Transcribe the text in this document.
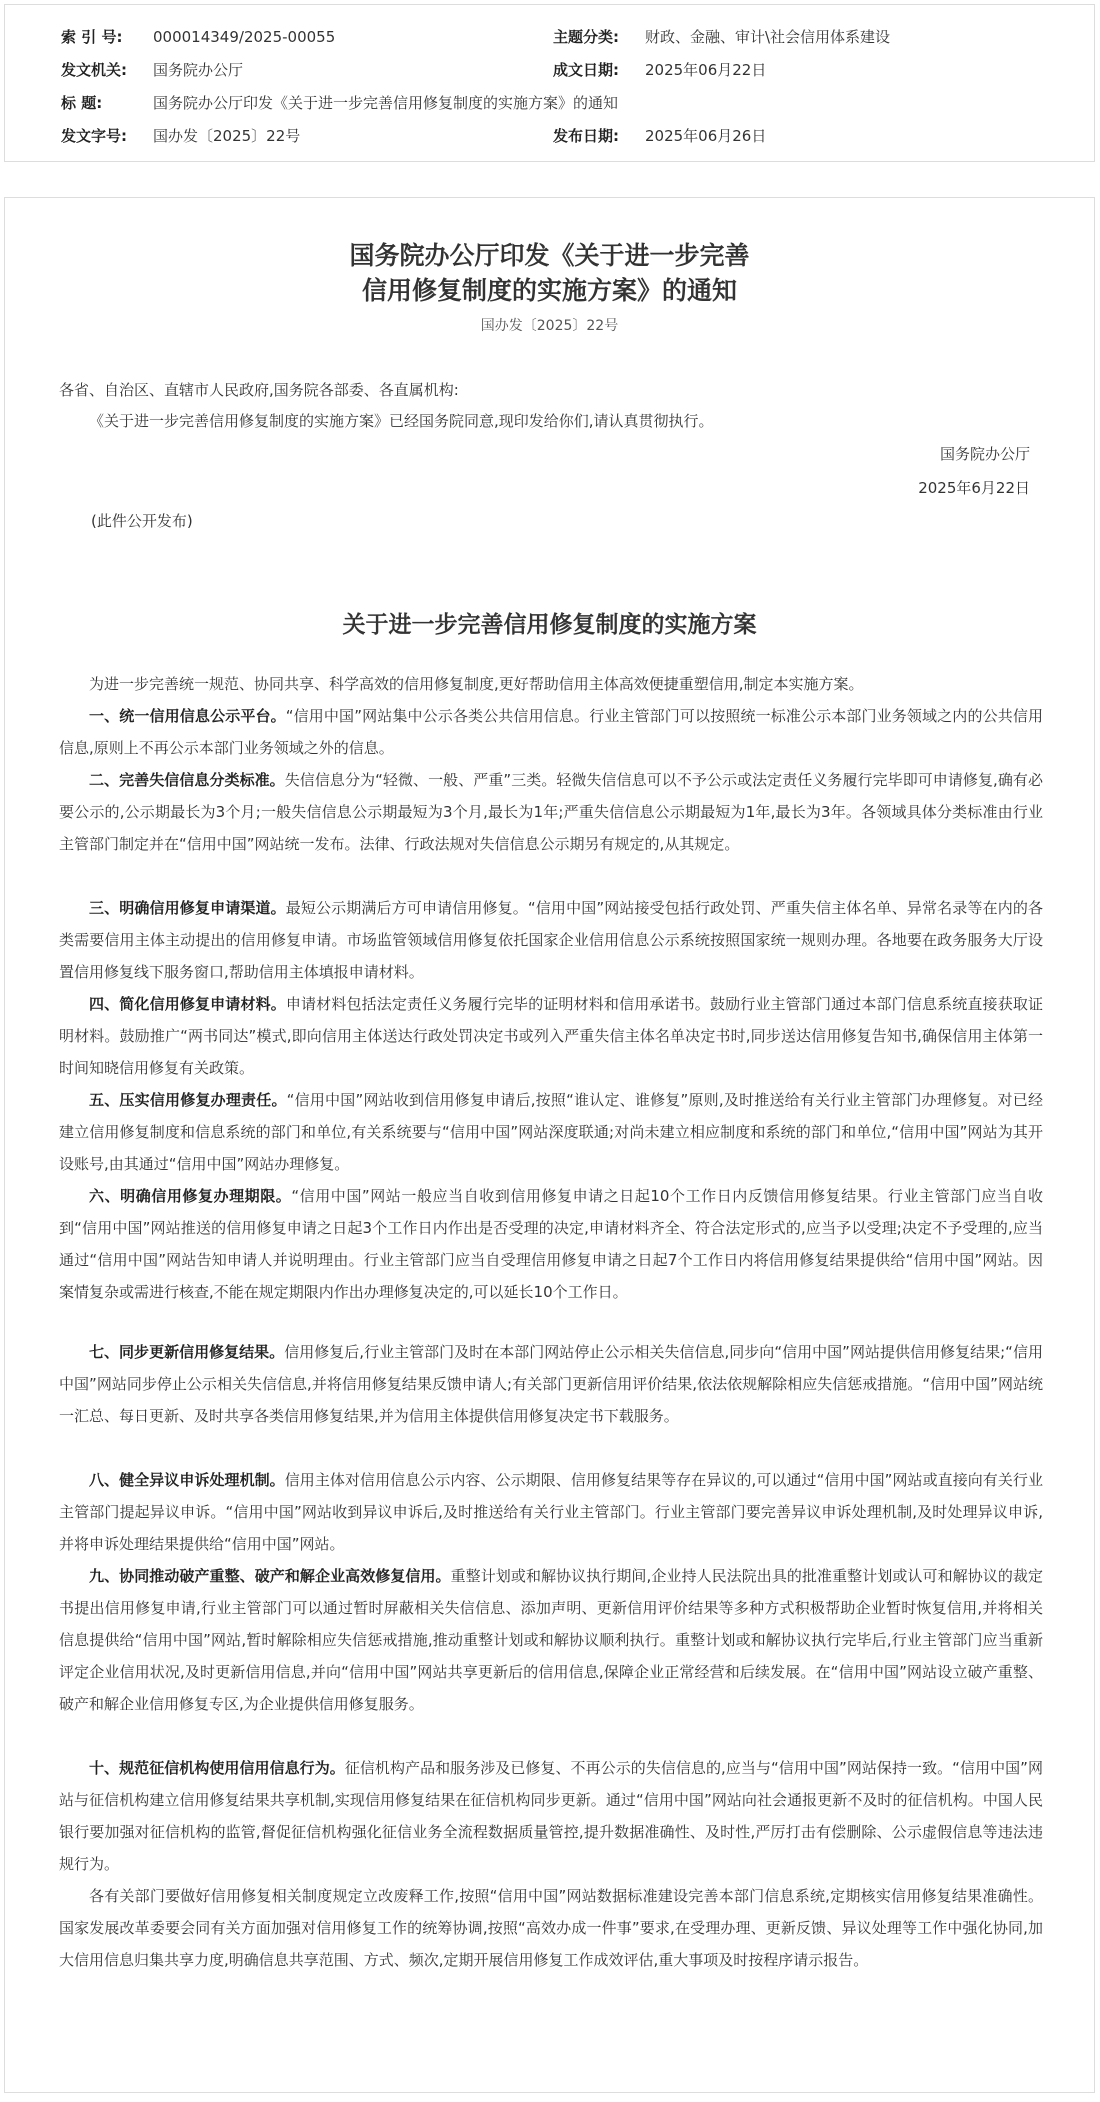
索 引 号: 000014349/2025-00055	主题分类: 财政、金融、审计\社会信用体系建设
发文机关: 国务院办公厅	成文日期: 2025年06月22日
标 题:	国务院办公厅印发《关于进一步完善信用修复制度的实施方案》的通知
发文字号: 国办发〔2025〕22号	发布日期: 2025年06月26日
国务院办公厅印发《关于进一步完善
信用修复制度的实施方案》的通知
国办发〔2025〕22号
各省、自治区、直辖市人民政府,国务院各部委、各直属机构:
《关于进一步完善信用修复制度的实施方案》已经国务院同意,现印发给你们,请认真贯彻执行。
国务院办公厅
2025年6月22日
(此件公开发布)
关于进一步完善信用修复制度的实施方案

为进一步完善统一规范、协同共享、科学高效的信用修复制度,更好帮助信用主体高效便捷重塑信用,制定本实施方案。

一、统一信用信息公示平台。“信用中国”网站集中公示各类公共信用信息。行业主管部门可以按照统一标准公示本部门业务领域之内的公共信用信息,原则上不再公示本部门业务领域之外的信息。

二、完善失信信息分类标准。失信信息分为“轻微、一般、严重”三类。轻微失信信息可以不予公示或法定责任义务履行完毕即可申请修复,确有必要公示的,公示期最长为3个月;一般失信信息公示期最短为3个月,最长为1年;严重失信信息公示期最短为1年,最长为3年。各领域具体分类标准由行业主管部门制定并在“信用中国”网站统一发布。法律、行政法规对失信信息公示期另有规定的,从其规定。

三、明确信用修复申请渠道。最短公示期满后方可申请信用修复。“信用中国”网站接受包括行政处罚、严重失信主体名单、异常名录等在内的各类需要信用主体主动提出的信用修复申请。市场监管领域信用修复依托国家企业信用信息公示系统按照国家统一规则办理。各地要在政务服务大厅设置信用修复线下服务窗口,帮助信用主体填报申请材料。

四、简化信用修复申请材料。申请材料包括法定责任义务履行完毕的证明材料和信用承诺书。鼓励行业主管部门通过本部门信息系统直接获取证明材料。鼓励推广“两书同达”模式,即向信用主体送达行政处罚决定书或列入严重失信主体名单决定书时,同步送达信用修复告知书,确保信用主体第一时间知晓信用修复有关政策。

五、压实信用修复办理责任。“信用中国”网站收到信用修复申请后,按照“谁认定、谁修复”原则,及时推送给有关行业主管部门办理修复。对已经建立信用修复制度和信息系统的部门和单位,有关系统要与“信用中国”网站深度联通;对尚未建立相应制度和系统的部门和单位,“信用中国”网站为其开设账号,由其通过“信用中国”网站办理修复。

六、明确信用修复办理期限。“信用中国”网站一般应当自收到信用修复申请之日起10个工作日内反馈信用修复结果。行业主管部门应当自收到“信用中国”网站推送的信用修复申请之日起3个工作日内作出是否受理的决定,申请材料齐全、符合法定形式的,应当予以受理;决定不予受理的,应当通过“信用中国”网站告知申请人并说明理由。行业主管部门应当自受理信用修复申请之日起7个工作日内将信用修复结果提供给“信用中国”网站。因案情复杂或需进行核查,不能在规定期限内作出办理修复决定的,可以延长10个工作日。

七、同步更新信用修复结果。信用修复后,行业主管部门及时在本部门网站停止公示相关失信信息,同步向“信用中国”网站提供信用修复结果;“信用中国”网站同步停止公示相关失信信息,并将信用修复结果反馈申请人;有关部门更新信用评价结果,依法依规解除相应失信惩戒措施。“信用中国”网站统一汇总、每日更新、及时共享各类信用修复结果,并为信用主体提供信用修复决定书下载服务。

八、健全异议申诉处理机制。信用主体对信用信息公示内容、公示期限、信用修复结果等存在异议的,可以通过“信用中国”网站或直接向有关行业主管部门提起异议申诉。“信用中国”网站收到异议申诉后,及时推送给有关行业主管部门。行业主管部门要完善异议申诉处理机制,及时处理异议申诉,并将申诉处理结果提供给“信用中国”网站。

九、协同推动破产重整、破产和解企业高效修复信用。重整计划或和解协议执行期间,企业持人民法院出具的批准重整计划或认可和解协议的裁定书提出信用修复申请,行业主管部门可以通过暂时屏蔽相关失信信息、添加声明、更新信用评价结果等多种方式积极帮助企业暂时恢复信用,并将相关信息提供给“信用中国”网站,暂时解除相应失信惩戒措施,推动重整计划或和解协议顺利执行。重整计划或和解协议执行完毕后,行业主管部门应当重新评定企业信用状况,及时更新信用信息,并向“信用中国”网站共享更新后的信用信息,保障企业正常经营和后续发展。在“信用中国”网站设立破产重整、破产和解企业信用修复专区,为企业提供信用修复服务。

十、规范征信机构使用信用信息行为。征信机构产品和服务涉及已修复、不再公示的失信信息的,应当与“信用中国”网站保持一致。“信用中国”网站与征信机构建立信用修复结果共享机制,实现信用修复结果在征信机构同步更新。通过“信用中国”网站向社会通报更新不及时的征信机构。中国人民银行要加强对征信机构的监管,督促征信机构强化征信业务全流程数据质量管控,提升数据准确性、及时性,严厉打击有偿删除、公示虚假信息等违法违规行为。

各有关部门要做好信用修复相关制度规定立改废释工作,按照“信用中国”网站数据标准建设完善本部门信息系统,定期核实信用修复结果准确性。国家发展改革委要会同有关方面加强对信用修复工作的统筹协调,按照“高效办成一件事”要求,在受理办理、更新反馈、异议处理等工作中强化协同,加大信用信息归集共享力度,明确信息共享范围、方式、频次,定期开展信用修复工作成效评估,重大事项及时按程序请示报告。
